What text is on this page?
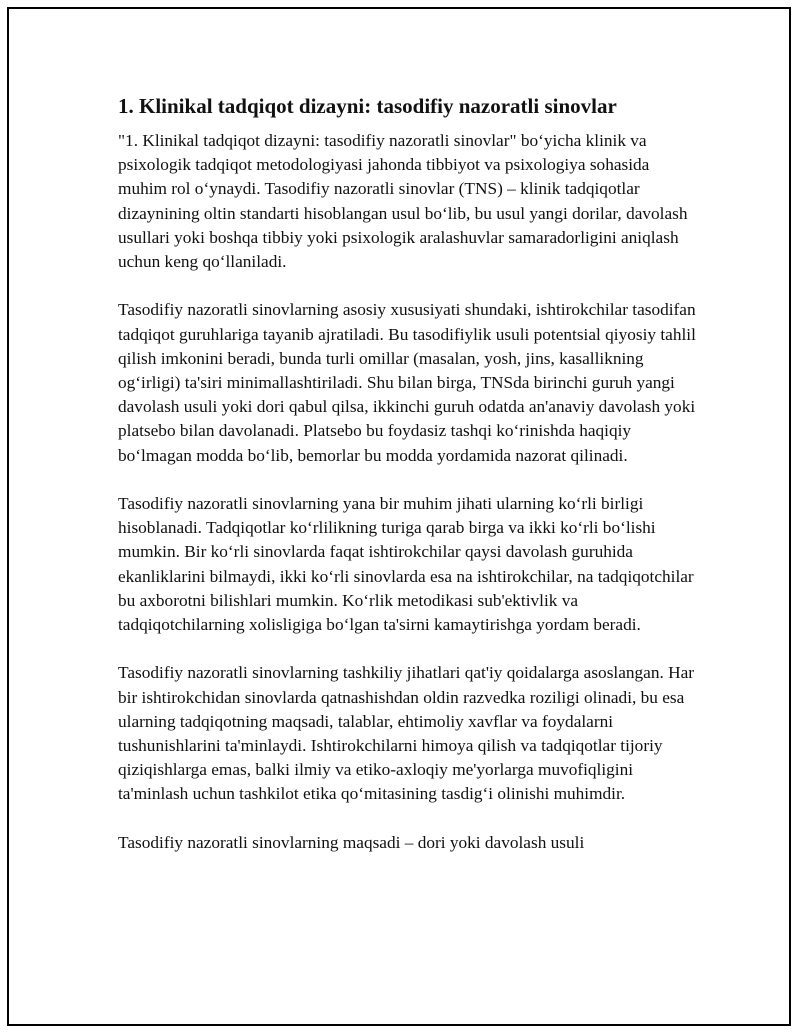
1. Klinikal tadqiqot dizayni: tasodifiy nazoratli sinovlar

"1. Klinikal tadqiqot dizayni: tasodifiy nazoratli sinovlar" bo‘yicha klinik va psixologik tadqiqot metodologiyasi jahonda tibbiyot va psixologiya sohasida muhim rol o‘ynaydi. Tasodifiy nazoratli sinovlar (TNS) – klinik tadqiqotlar dizaynining oltin standarti hisoblangan usul bo‘lib, bu usul yangi dorilar, davolash usullari yoki boshqa tibbiy yoki psixologik aralashuvlar samaradorligini aniqlash uchun keng qo‘llaniladi.

Tasodifiy nazoratli sinovlarning asosiy xususiyati shundaki, ishtirokchilar tasodifan tadqiqot guruhlariga tayanib ajratiladi. Bu tasodifiylik usuli potentsial qiyosiy tahlil qilish imkonini beradi, bunda turli omillar (masalan, yosh, jins, kasallikning og‘irligi) ta'siri minimallashtiriladi. Shu bilan birga, TNSda birinchi guruh yangi davolash usuli yoki dori qabul qilsa, ikkinchi guruh odatda an'anaviy davolash yoki platsebo bilan davolanadi. Platsebo bu foydasiz tashqi ko‘rinishda haqiqiy bo‘lmagan modda bo‘lib, bemorlar bu modda yordamida nazorat qilinadi.

Tasodifiy nazoratli sinovlarning yana bir muhim jihati ularning ko‘rli birligi hisoblanadi. Tadqiqotlar ko‘rlilikning turiga qarab birga va ikki ko‘rli bo‘lishi mumkin. Bir ko‘rli sinovlarda faqat ishtirokchilar qaysi davolash guruhida ekanliklarini bilmaydi, ikki ko‘rli sinovlarda esa na ishtirokchilar, na tadqiqotchilar bu axborotni bilishlari mumkin. Ko‘rlik metodikasi sub'ektivlik va tadqiqotchilarning xolisligiga bo‘lgan ta'sirni kamaytirishga yordam beradi.

Tasodifiy nazoratli sinovlarning tashkiliy jihatlari qat'iy qoidalarga asoslangan. Har bir ishtirokchidan sinovlarda qatnashishdan oldin razvedka roziligi olinadi, bu esa ularning tadqiqotning maqsadi, talablar, ehtimoliy xavflar va foydalarni tushunishlarini ta'minlaydi. Ishtirokchilarni himoya qilish va tadqiqotlar tijoriy qiziqishlarga emas, balki ilmiy va etiko-axloqiy me'yorlarga muvofiqligini ta'minlash uchun tashkilot etika qo‘mitasining tasdig‘i olinishi muhimdir.

Tasodifiy nazoratli sinovlarning maqsadi – dori yoki davolash usuli
